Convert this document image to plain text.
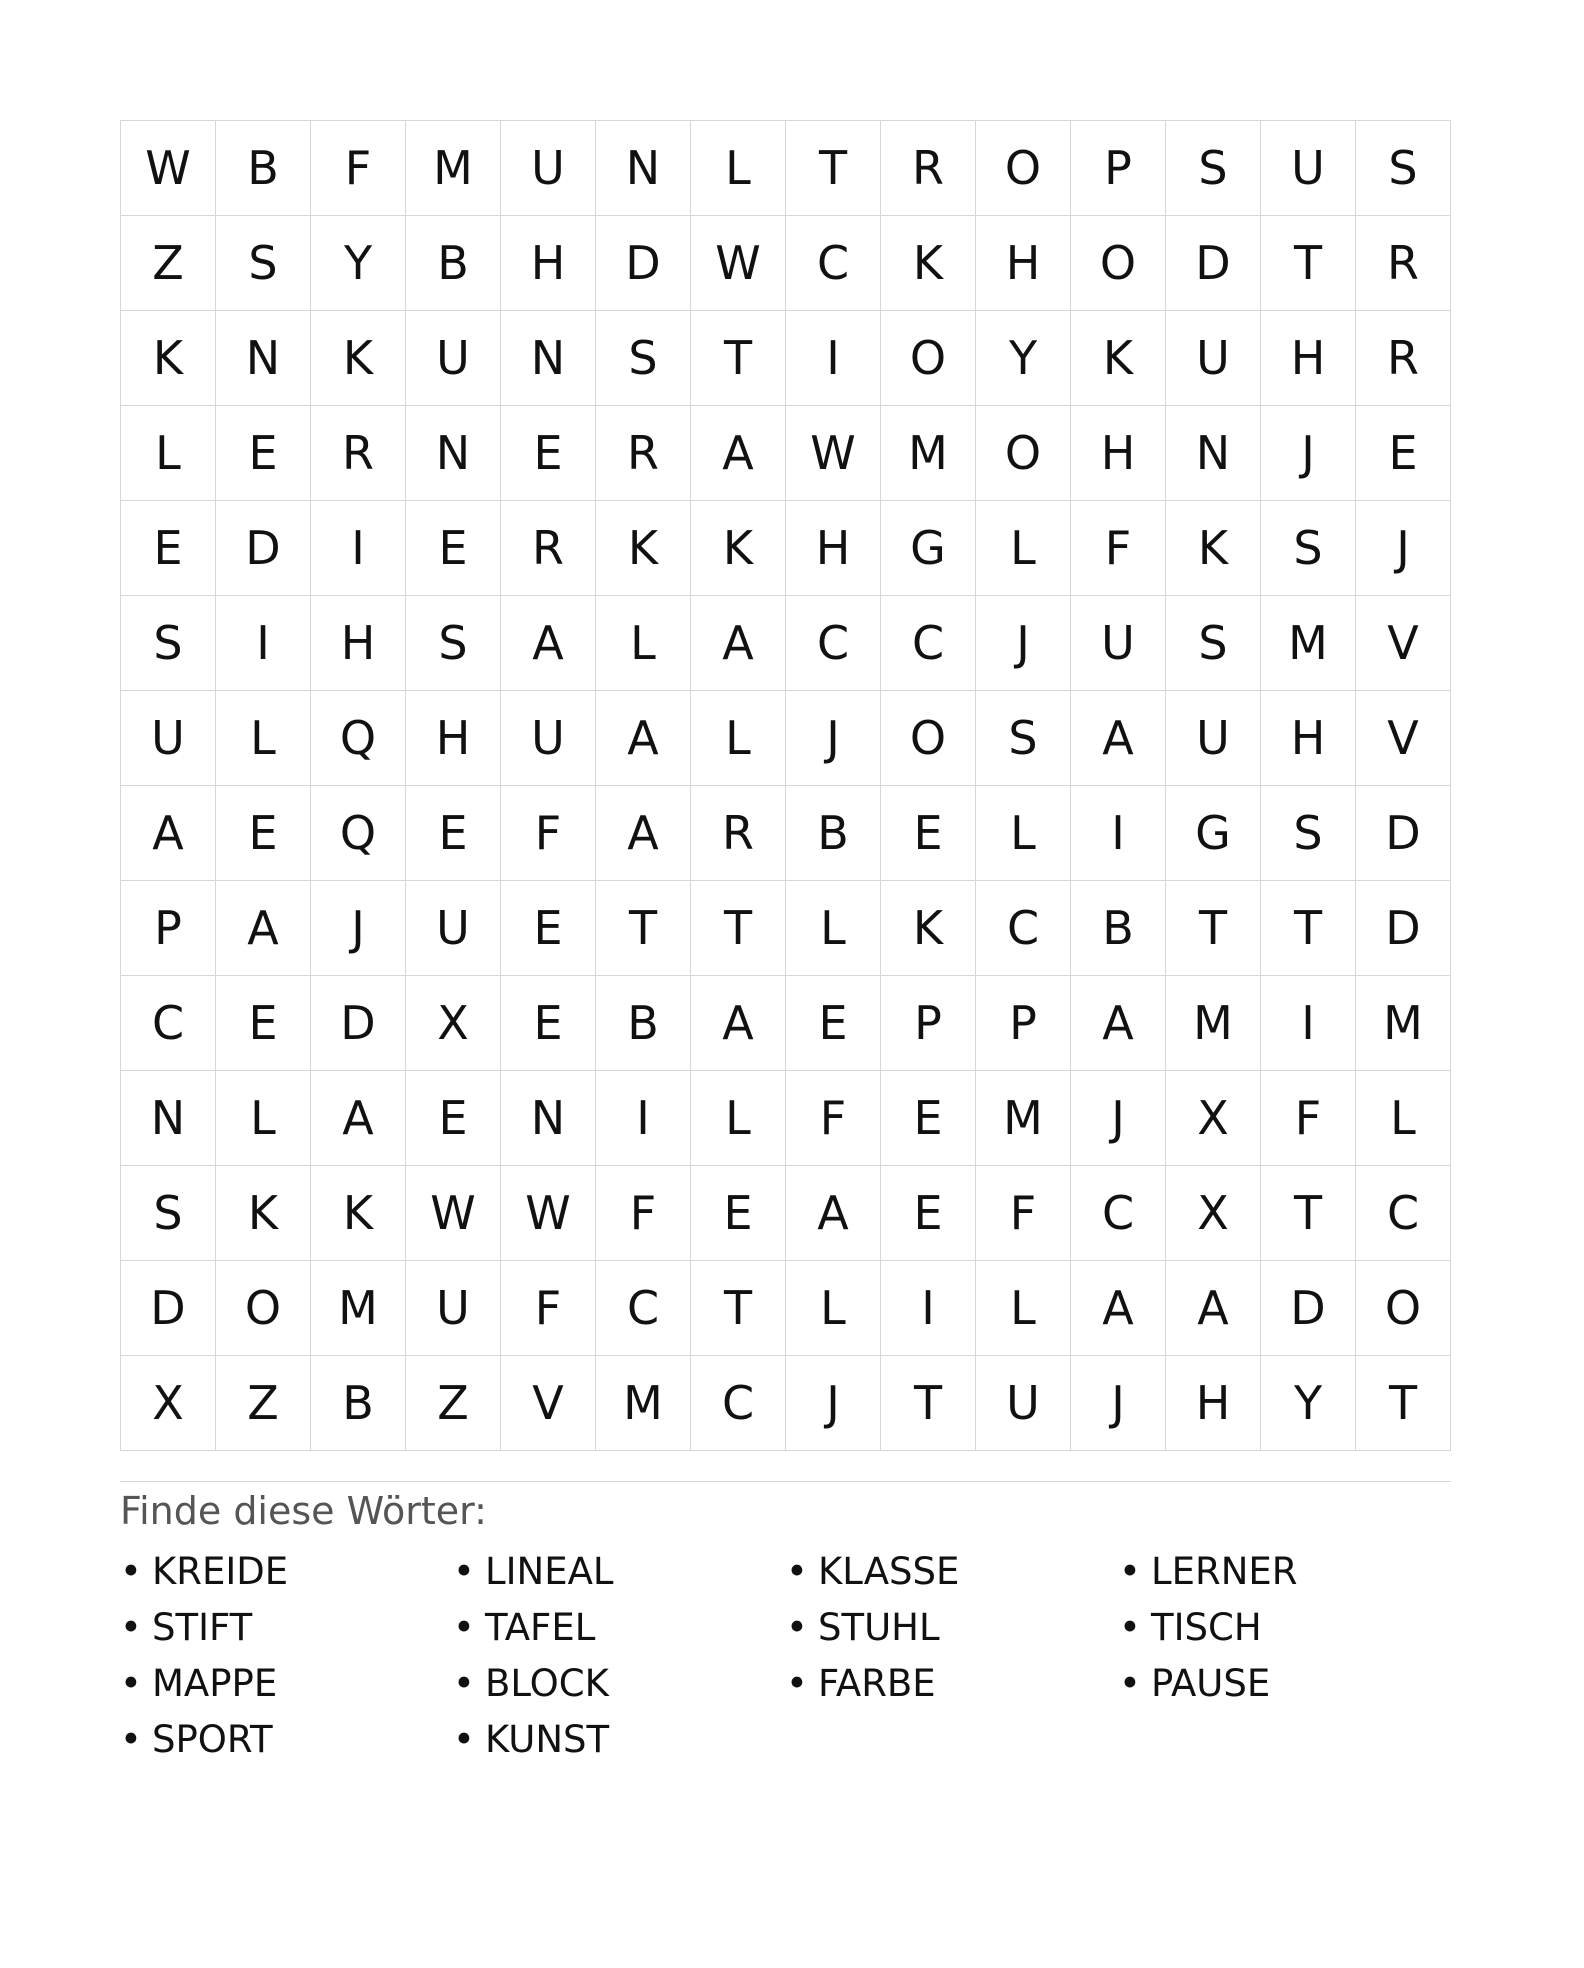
W	B	F	M	U	N	L	T	R	O	P	S	U	S
Z	S	Y	B	H	D	W	C	K	H	O	D	T	R
K	N	K	U	N	S	T	I	O	Y	K	U	H	R
L	E	R	N	E	R	A	W	M	O	H	N	J	E
E	D	I	E	R	K	K	H	G	L	F	K	S	J
S	I	H	S	A	L	A	C	C	J	U	S	M	V
U	L	Q	H	U	A	L	J	O	S	A	U	H	V
A	E	Q	E	F	A	R	B	E	L	I	G	S	D
P	A	J	U	E	T	T	L	K	C	B	T	T	D
C	E	D	X	E	B	A	E	P	P	A	M	I	M
N	L	A	E	N	I	L	F	E	M	J	X	F	L
S	K	K	W	W	F	E	A	E	F	C	X	T	C
D	O	M	U	F	C	T	L	I	L	A	A	D	O
X	Z	B	Z	V	M	C	J	T	U	J	H	Y	T
Finde diese Wörter:
• KREIDE	• LINEAL	• KLASSE	• LERNER
• STIFT	• TAFEL	• STUHL	• TISCH
• MAPPE	• BLOCK	• FARBE	• PAUSE
• SPORT	• KUNST
